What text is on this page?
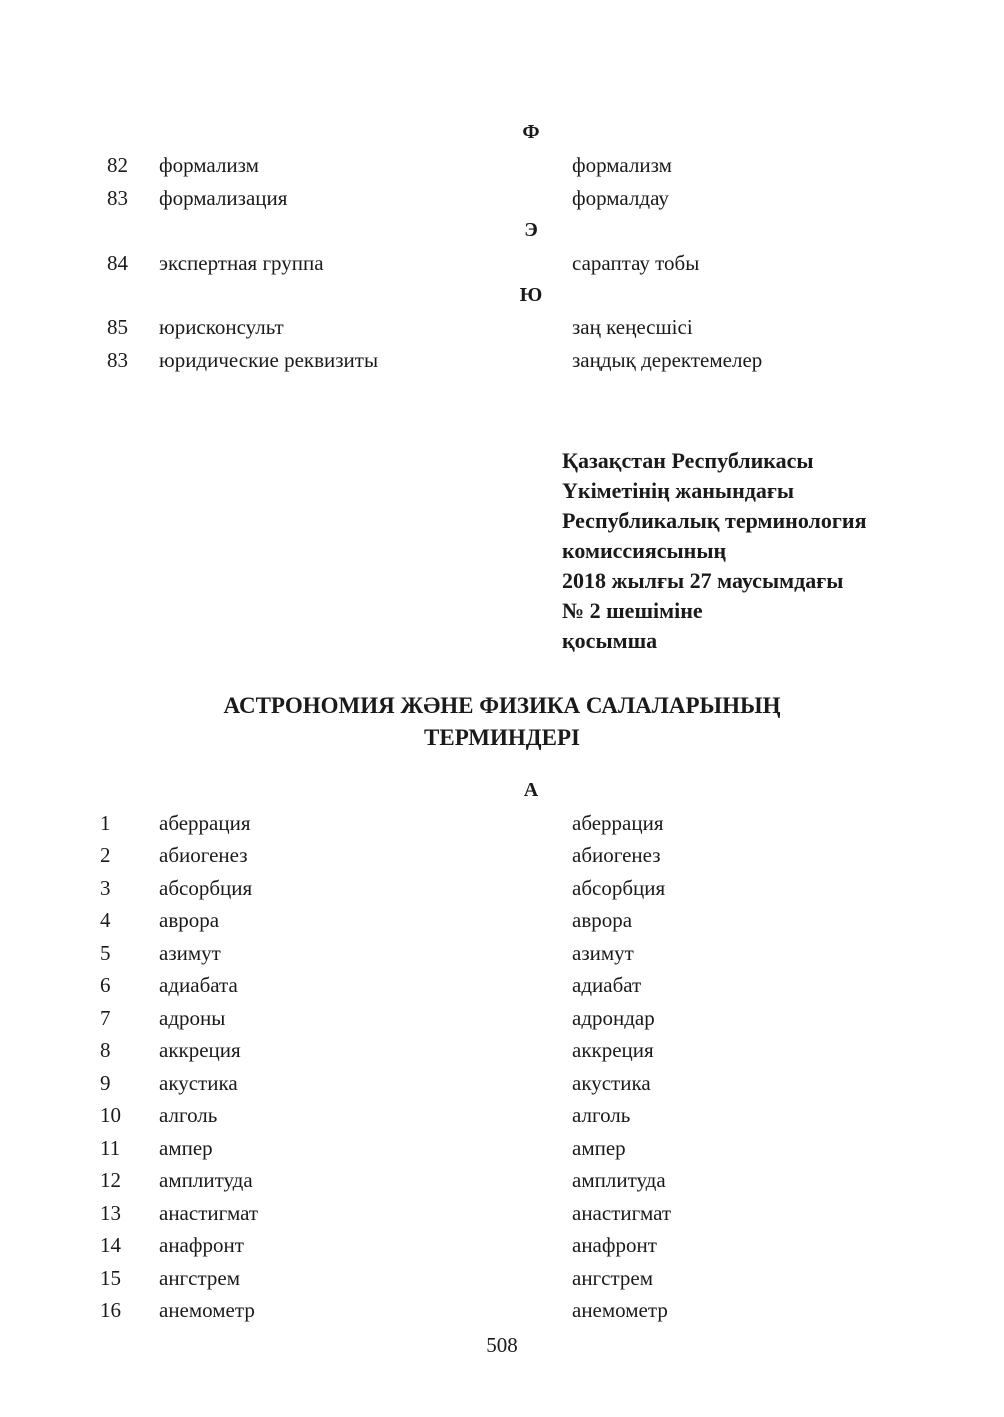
Ф
82	формализм	формализм
83	формализация	формалдау
Э
84	экспертная группа	сараптау тобы
Ю
85	юрисконсульт	заң кеңесшісі
83	юридические реквизиты	заңдық деректемелер
Қазақстан Республикасы
Үкіметінің жанындағы
Республикалық терминология
комиссиясының
2018 жылғы 27 маусымдағы
№ 2 шешіміне
қосымша
АСТРОНОМИЯ ЖӘНЕ ФИЗИКА САЛАЛАРЫНЫҢ
ТЕРМИНДЕРІ
А
1	аберрация	аберрация
2	абиогенез	абиогенез
3	абсорбция	абсорбция
4	аврора	аврора
5	азимут	азимут
6	адиабата	адиабат
7	адроны	адрондар
8	аккреция	аккреция
9	акустика	акустика
10	алголь	алголь
11	ампер	ампер
12	амплитуда	амплитуда
13	анастигмат	анастигмат
14	анафронт	анафронт
15	ангстрем	ангстрем
16	анемометр	анемометр
508
